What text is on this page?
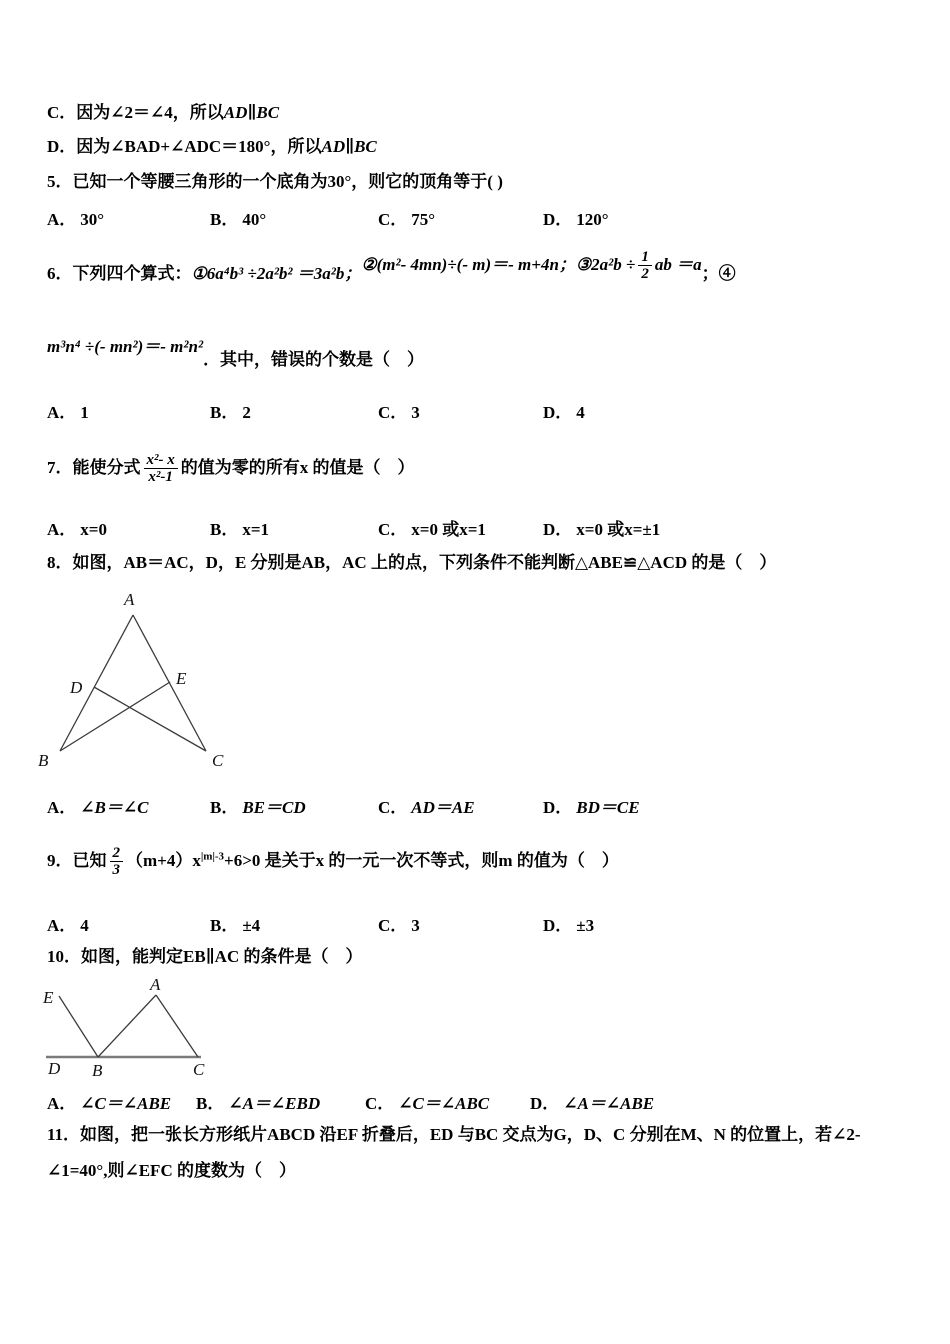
C．因为∠2＝∠4，所以AD∥BC
D．因为∠BAD+∠ADC＝180°，所以AD∥BC
5．已知一个等腰三角形的一个底角为30°，则它的顶角等于( )
A． 30°	B． 40°	C． 75°	D． 120°
6．下列四个算式：①6a⁴b³ ÷2a²b² ＝3a²b；②(m²- 4mn)÷(- m)＝- m+4n；③2a²b ÷ $\frac{1}{2}$ ab ＝a；④
m³n⁴ ÷(- mn²)＝- m²n²．其中，错误的个数是（　）
A． 1	B． 2	C． 3	D． 4
7．能使分式 $\frac{\text{x²- x}}{\text{x²-1}}$ 的值为零的所有x 的值是（　）
A． x=0	B． x=1	C． x=0 或x=1	D． x=0 或x=±1
8．如图，AB＝AC，D，E 分别是AB，AC 上的点，下列条件不能判断△ABE≌△ACD 的是（　）
A
B	C
D	E
A． ∠B＝∠C	B． BE＝CD	C． AD＝AE	D． BD＝CE
9．已知 $\frac{2}{3} (m+4)x^{|m|-3}+6>0$ 是关于x 的一元一次不等式，则m 的值为（　）
A． 4	B． ±4	C． 3	D． ±3
10．如图，能判定EB∥AC 的条件是（　）
E
A
D B	C
A． ∠C＝∠ABE B． ∠A＝∠EBD	C． ∠C＝∠ABC D． ∠A＝∠ABE
11．如图，把一张长方形纸片ABCD 沿EF 折叠后，ED 与BC 交点为G，D、C 分别在M、N 的位置上，若∠2-
∠1=40°,则∠EFC 的度数为（　）
